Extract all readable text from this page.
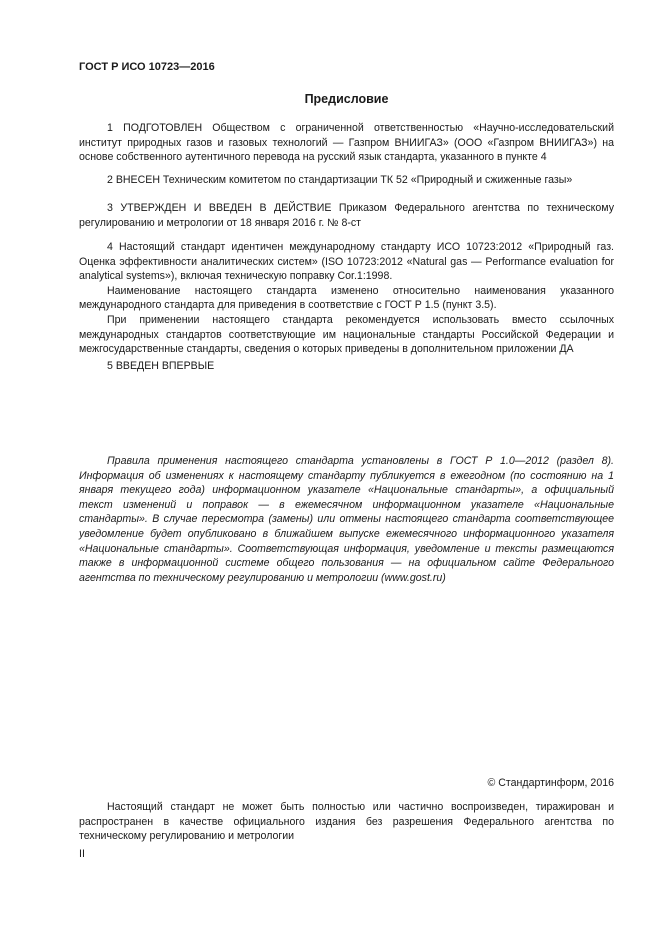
ГОСТ Р ИСО 10723—2016
Предисловие

1 ПОДГОТОВЛЕН Обществом с ограниченной ответственностью «Научно-исследовательский институт природных газов и газовых технологий — Газпром ВНИИГАЗ» (ООО «Газпром ВНИИГАЗ») на основе собственного аутентичного перевода на русский язык стандарта, указанного в пункте 4

2 ВНЕСЕН Техническим комитетом по стандартизации ТК 52 «Природный и сжиженные газы»

3 УТВЕРЖДЕН И ВВЕДЕН В ДЕЙСТВИЕ Приказом Федерального агентства по техническому регулированию и метрологии от 18 января 2016 г. № 8-ст

4 Настоящий стандарт идентичен международному стандарту ИСО 10723:2012 «Природный газ. Оценка эффективности аналитических систем» (ISO 10723:2012 «Natural gas — Performance evaluation for analytical systems»), включая техническую поправку Cor.1:1998.

Наименование настоящего стандарта изменено относительно наименования указанного международного стандарта для приведения в соответствие с ГОСТ Р 1.5 (пункт 3.5).

При применении настоящего стандарта рекомендуется использовать вместо ссылочных международных стандартов соответствующие им национальные стандарты Российской Федерации и межгосударственные стандарты, сведения о которых приведены в дополнительном приложении ДА

5 ВВЕДЕН ВПЕРВЫЕ

Правила применения настоящего стандарта установлены в ГОСТ Р 1.0—2012 (раздел 8). Информация об изменениях к настоящему стандарту публикуется в ежегодном (по состоянию на 1 января текущего года) информационном указателе «Национальные стандарты», а официальный текст изменений и поправок — в ежемесячном информационном указателе «Национальные стандарты». В случае пересмотра (замены) или отмены настоящего стандарта соответствующее уведомление будет опубликовано в ближайшем выпуске ежемесячного информационного указателя «Национальные стандарты». Соответствующая информация, уведомление и тексты размещаются также в информационной системе общего пользования — на официальном сайте Федерального агентства по техническому регулированию и метрологии (www.gost.ru)

© Стандартинформ, 2016

Настоящий стандарт не может быть полностью или частично воспроизведен, тиражирован и распространен в качестве официального издания без разрешения Федерального агентства по техническому регулированию и метрологии

II
